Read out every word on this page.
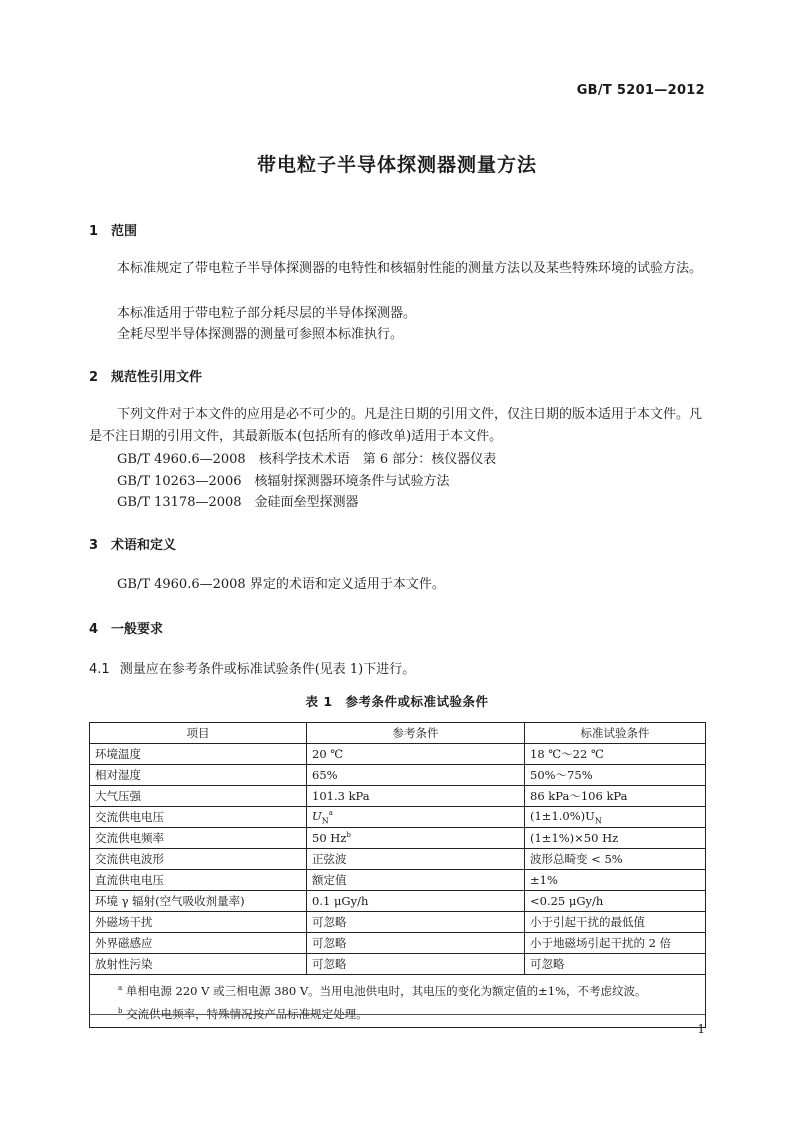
GB/T 5201—2012
带电粒子半导体探测器测量方法
1 范围
本标准规定了带电粒子半导体探测器的电特性和核辐射性能的测量方法以及某些特殊环境的试验方法。
本标准适用于带电粒子部分耗尽层的半导体探测器。
全耗尽型半导体探测器的测量可参照本标准执行。
2 规范性引用文件
下列文件对于本文件的应用是必不可少的。凡是注日期的引用文件，仅注日期的版本适用于本文件。凡是不注日期的引用文件，其最新版本(包括所有的修改单)适用于本文件。
GB/T 4960.6—2008　核科学技术术语　第 6 部分：核仪器仪表
GB/T 10263—2006　核辐射探测器环境条件与试验方法
GB/T 13178—2008　金硅面垒型探测器
3 术语和定义
GB/T 4960.6—2008 界定的术语和定义适用于本文件。
4 一般要求
4.1 测量应在参考条件或标准试验条件(见表 1)下进行。
表 1　参考条件或标准试验条件
项目	参考条件	标准试验条件
环境温度	20 ℃	18 ℃～22 ℃
相对湿度	65%	50%～75%
大气压强	101.3 kPa	86 kPa～106 kPa
交流供电电压	$U_N^a$	$(1\pm 1.0\%)U_N$
交流供电频率	50 Hz$^b$	(1±1%)×50 Hz
交流供电波形	正弦波	波形总畸变 < 5%
直流供电电压	额定值	±1%
环境 γ 辐射(空气吸收剂量率)	0.1 μGy/h	<0.25 μGy/h
外磁场干扰	可忽略	小于引起干扰的最低值
外界磁感应	可忽略	小于地磁场引起干扰的 2 倍
放射性污染	可忽略	可忽略

$^a$ 单相电源 220 V 或三相电源 380 V。当用电池供电时，其电压的变化为额定值的±1%，不考虑纹波。
$^b$ 交流供电频率，特殊情况按产品标准规定处理。		
1
